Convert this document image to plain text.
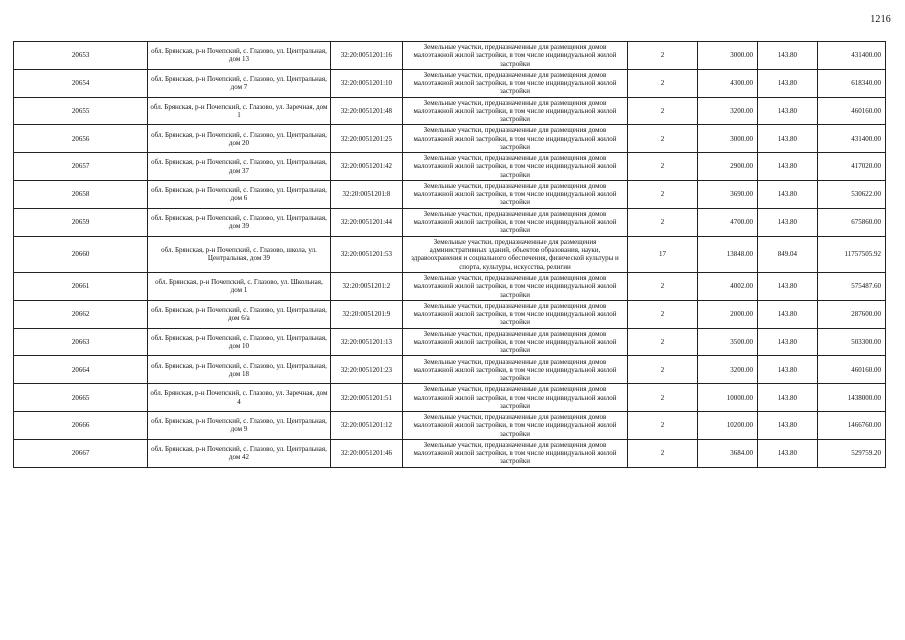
1216
20653	обл. Брянская, р-н Почепский, с. Глазово, ул. Центральная, дом 13	32:20:0051201:16	Земельные участки, предназначенные для размещения домов малоэтажной жилой застройки, в том числе индивидуальной жилой застройки	2	3000.00	143.80	431400.00
20654	обл. Брянская, р-н Почепский, с. Глазово, ул. Центральная, дом 7	32:20:0051201:10	Земельные участки, предназначенные для размещения домов малоэтажной жилой застройки, в том числе индивидуальной жилой застройки	2	4300.00	143.80	618340.00
20655	обл. Брянская, р-н Почепский, с. Глазово, ул. Заречная, дом 1	32:20:0051201:48	Земельные участки, предназначенные для размещения домов малоэтажной жилой застройки, в том числе индивидуальной жилой застройки	2	3200.00	143.80	460160.00
20656	обл. Брянская, р-н Почепский, с. Глазово, ул. Центральная, дом 20	32:20:0051201:25	Земельные участки, предназначенные для размещения домов малоэтажной жилой застройки, в том числе индивидуальной жилой застройки	2	3000.00	143.80	431400.00
20657	обл. Брянская, р-н Почепский, с. Глазово, ул. Центральная, дом 37	32:20:0051201:42	Земельные участки, предназначенные для размещения домов малоэтажной жилой застройки, в том числе индивидуальной жилой застройки	2	2900.00	143.80	417020.00
20658	обл. Брянская, р-н Почепский, с. Глазово, ул. Центральная, дом 6	32:20:0051201:8	Земельные участки, предназначенные для размещения домов малоэтажной жилой застройки, в том числе индивидуальной жилой застройки	2	3690.00	143.80	530622.00
20659	обл. Брянская, р-н Почепский, с. Глазово, ул. Центральная, дом 39	32:20:0051201:44	Земельные участки, предназначенные для размещения домов малоэтажной жилой застройки, в том числе индивидуальной жилой застройки	2	4700.00	143.80	675860.00
20660	обл. Брянская, р-н Почепский, с. Глазово, школа, ул. Центральная, дом 39	32:20:0051201:53	Земельные участки, предназначенные для размещения административных зданий, объектов образования, науки, здравоохранения и социального обеспечения, физической культуры и спорта, культуры, искусства, религии	17	13848.00	849.04	11757505.92
20661	обл. Брянская, р-н Почепский, с. Глазово, ул. Школьная, дом 1	32:20:0051201:2	Земельные участки, предназначенные для размещения домов малоэтажной жилой застройки, в том числе индивидуальной жилой застройки	2	4002.00	143.80	575487.60
20662	обл. Брянская, р-н Почепский, с. Глазово, ул. Центральная, дом 6/а	32:20:0051201:9	Земельные участки, предназначенные для размещения домов малоэтажной жилой застройки, в том числе индивидуальной жилой застройки	2	2000.00	143.80	287600.00
20663	обл. Брянская, р-н Почепский, с. Глазово, ул. Центральная, дом 10	32:20:0051201:13	Земельные участки, предназначенные для размещения домов малоэтажной жилой застройки, в том числе индивидуальной жилой застройки	2	3500.00	143.80	503300.00
20664	обл. Брянская, р-н Почепский, с. Глазово, ул. Центральная, дом 18	32:20:0051201:23	Земельные участки, предназначенные для размещения домов малоэтажной жилой застройки, в том числе индивидуальной жилой застройки	2	3200.00	143.80	460160.00
20665	обл. Брянская, р-н Почепский, с. Глазово, ул. Заречная, дом 4	32:20:0051201:51	Земельные участки, предназначенные для размещения домов малоэтажной жилой застройки, в том числе индивидуальной жилой застройки	2	10000.00	143.80	1438000.00
20666	обл. Брянская, р-н Почепский, с. Глазово, ул. Центральная, дом 9	32:20:0051201:12	Земельные участки, предназначенные для размещения домов малоэтажной жилой застройки, в том числе индивидуальной жилой застройки	2	10200.00	143.80	1466760.00
20667	обл. Брянская, р-н Почепский, с. Глазово, ул. Центральная, дом 42	32:20:0051201:46	Земельные участки, предназначенные для размещения домов малоэтажной жилой застройки, в том числе индивидуальной жилой застройки	2	3684.00	143.80	529759.20
